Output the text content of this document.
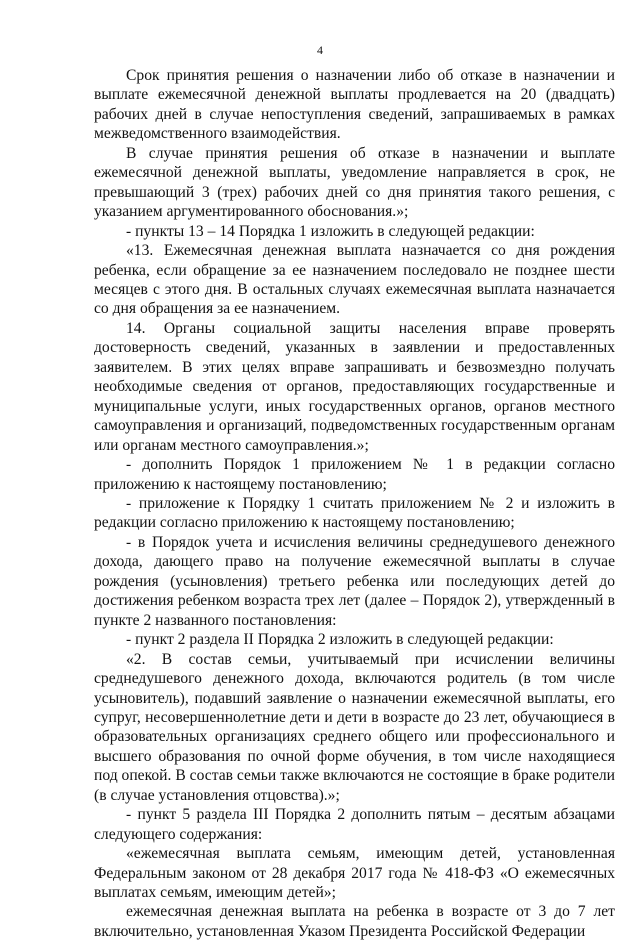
4

Срок принятия решения о назначении либо об отказе в назначении и выплате ежемесячной денежной выплаты продлевается на 20 (двадцать) рабочих дней в случае непоступления сведений, запрашиваемых в рамках межведомственного взаимодействия.

В случае принятия решения об отказе в назначении и выплате ежемесячной денежной выплаты, уведомление направляется в срок, не превышающий 3 (трех) рабочих дней со дня принятия такого решения, с указанием аргументированного обоснования.»;

- пункты 13 – 14 Порядка 1 изложить в следующей редакции:

«13. Ежемесячная денежная выплата назначается со дня рождения ребенка, если обращение за ее назначением последовало не позднее шести месяцев с этого дня. В остальных случаях ежемесячная выплата назначается со дня обращения за ее назначением.

14. Органы социальной защиты населения вправе проверять достоверность сведений, указанных в заявлении и предоставленных заявителем. В этих целях вправе запрашивать и безвозмездно получать необходимые сведения от органов, предоставляющих государственные и муниципальные услуги, иных государственных органов, органов местного самоуправления и организаций, подведомственных государственным органам или органам местного самоуправления.»;

- дополнить Порядок 1 приложением № 1 в редакции согласно приложению к настоящему постановлению;

- приложение к Порядку 1 считать приложением № 2 и изложить в редакции согласно приложению к настоящему постановлению;

- в Порядок учета и исчисления величины среднедушевого денежного дохода, дающего право на получение ежемесячной выплаты в случае рождения (усыновления) третьего ребенка или последующих детей до достижения ребенком возраста трех лет (далее – Порядок 2), утвержденный в пункте 2 названного постановления:

- пункт 2 раздела II Порядка 2 изложить в следующей редакции:

«2. В состав семьи, учитываемый при исчислении величины среднедушевого денежного дохода, включаются родитель (в том числе усыновитель), подавший заявление о назначении ежемесячной выплаты, его супруг, несовершеннолетние дети и дети в возрасте до 23 лет, обучающиеся в образовательных организациях среднего общего или профессионального и высшего образования по очной форме обучения, в том числе находящиеся под опекой. В состав семьи также включаются не состоящие в браке родители (в случае установления отцовства).»;

- пункт 5 раздела III Порядка 2 дополнить пятым – десятым абзацами следующего содержания:

«ежемесячная выплата семьям, имеющим детей, установленная Федеральным законом от 28 декабря 2017 года № 418-ФЗ «О ежемесячных выплатах семьям, имеющим детей»;

ежемесячная денежная выплата на ребенка в возрасте от 3 до 7 лет включительно, установленная Указом Президента Российской Федерации
